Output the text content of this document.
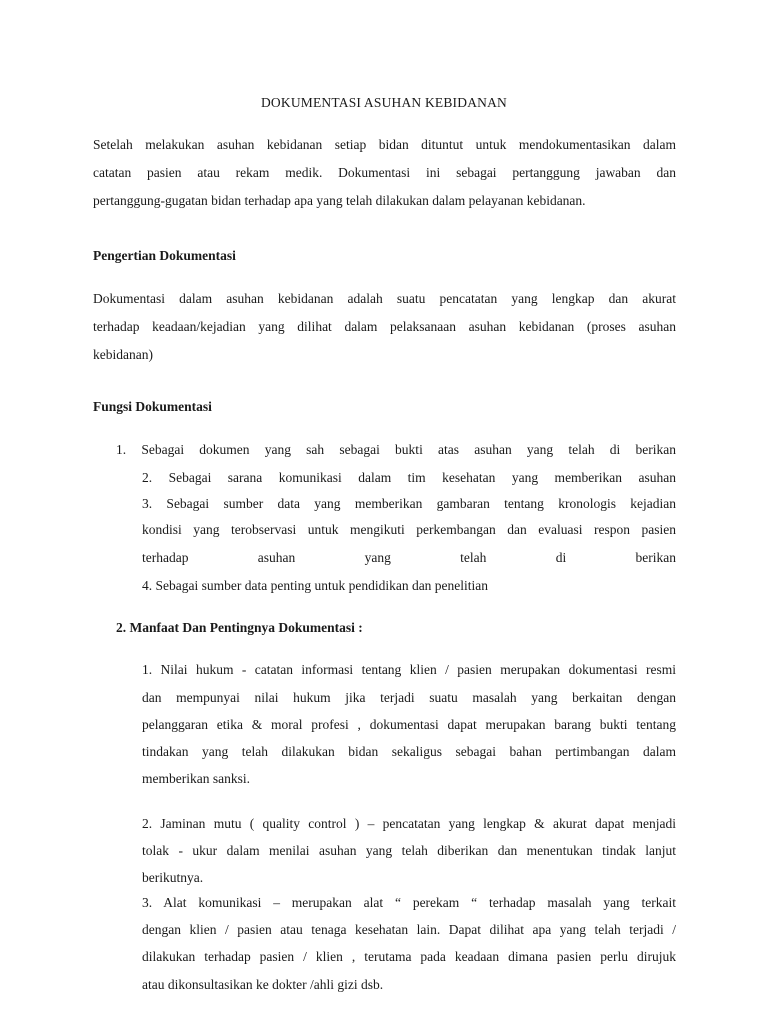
DOKUMENTASI ASUHAN KEBIDANAN
Setelah melakukan asuhan kebidanan setiap bidan dituntut untuk mendokumentasikan dalam
catatan pasien atau rekam medik. Dokumentasi ini sebagai pertanggung jawaban dan
pertanggung-gugatan bidan terhadap apa yang telah dilakukan dalam pelayanan kebidanan.
Pengertian Dokumentasi
Dokumentasi dalam asuhan kebidanan adalah suatu pencatatan yang lengkap dan akurat
terhadap keadaan/kejadian yang dilihat dalam pelaksanaan asuhan kebidanan (proses asuhan
kebidanan)
Fungsi Dokumentasi
1. Sebagai dokumen yang sah sebagai bukti atas asuhan yang telah di berikan
2. Sebagai sarana komunikasi dalam tim kesehatan yang memberikan asuhan
3. Sebagai sumber data yang memberikan gambaran tentang kronologis kejadian
kondisi yang terobservasi untuk mengikuti perkembangan dan evaluasi respon pasien
terhadap asuhan yang telah di berikan
4. Sebagai sumber data penting untuk pendidikan dan penelitian
2. Manfaat Dan Pentingnya Dokumentasi :
1. Nilai hukum - catatan informasi tentang klien / pasien merupakan dokumentasi resmi
dan mempunyai nilai hukum jika terjadi suatu masalah yang berkaitan dengan
pelanggaran etika & moral profesi , dokumentasi dapat merupakan barang bukti tentang
tindakan yang telah dilakukan bidan sekaligus sebagai bahan pertimbangan dalam
memberikan sanksi.
2. Jaminan mutu ( quality control ) – pencatatan yang lengkap & akurat dapat menjadi
tolak - ukur dalam menilai asuhan yang telah diberikan dan menentukan tindak lanjut
berikutnya.
3. Alat komunikasi – merupakan alat “ perekam “ terhadap masalah yang terkait
dengan klien / pasien atau tenaga kesehatan lain. Dapat dilihat apa yang telah terjadi /
dilakukan terhadap pasien / klien , terutama pada keadaan dimana pasien perlu dirujuk
atau dikonsultasikan ke dokter /ahli gizi dsb.
